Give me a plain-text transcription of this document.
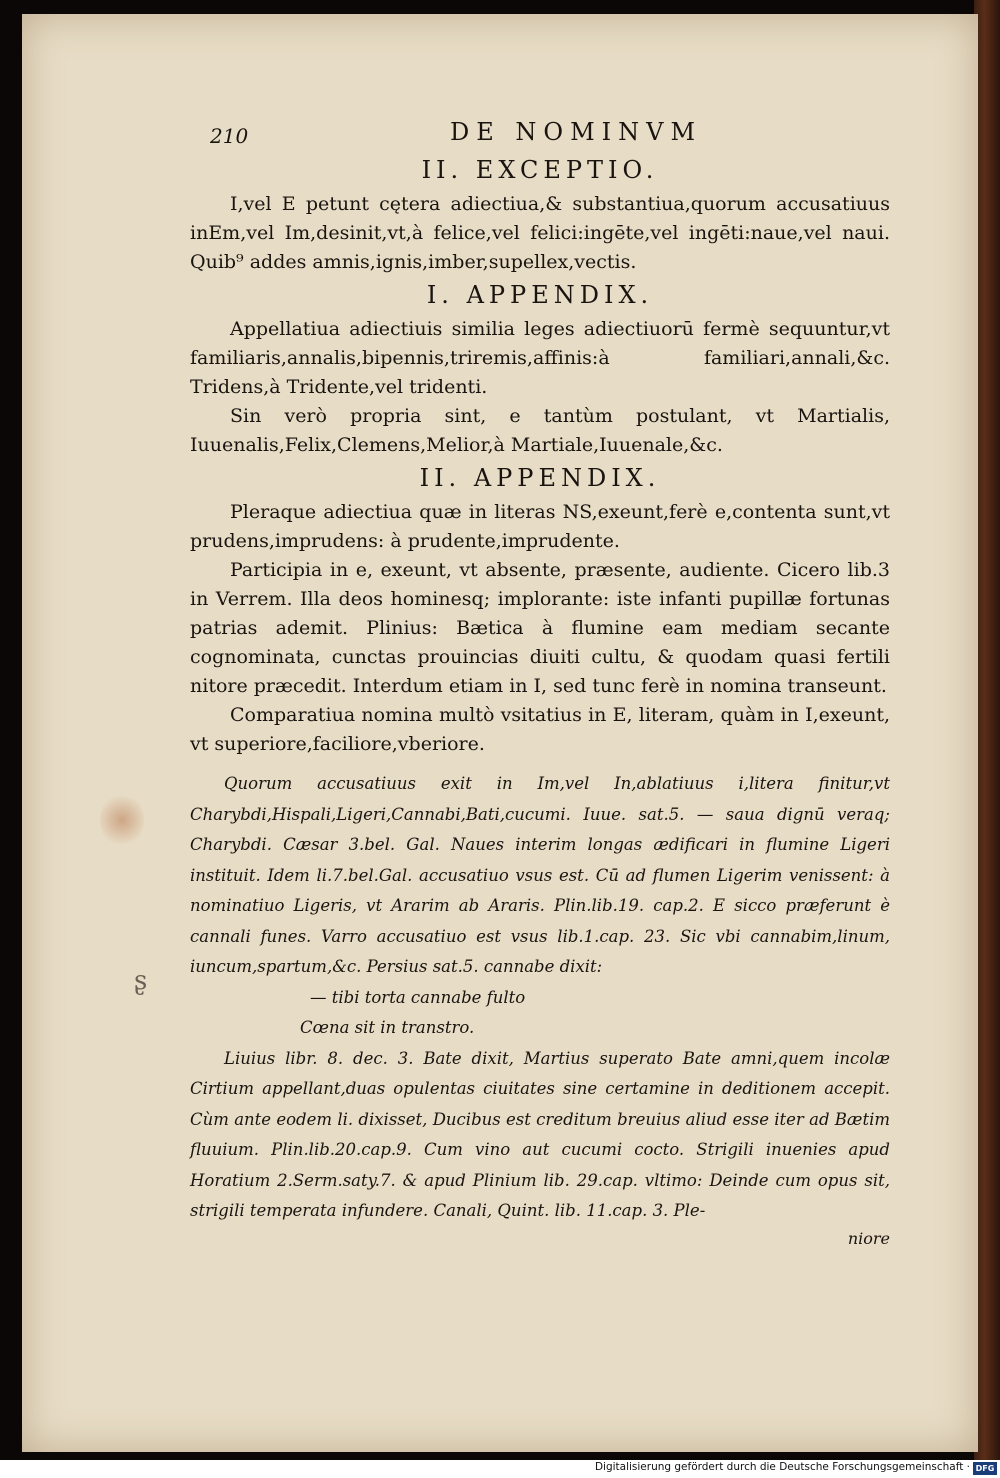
ʂ
210	DE NOMINVM
II. EXCEPTIO.

I,vel E petunt cętera adiectiua,& substantiua,quorum accusatiuus inEm,vel Im,desinit,vt,à felice,vel felici:ingēte,vel ingēti:naue,vel naui. Quib⁹ addes amnis,ignis,imber,supellex,vectis.

I. APPENDIX.

Appellatiua adiectiuis similia leges adiectiuorū fermè sequuntur,vt familiaris,annalis,bipennis,triremis,affinis:à familiari,annali,&c. Tridens,à Tridente,vel tridenti.

Sin verò propria sint, e tantùm postulant, vt Martialis, Iuuenalis,Felix,Clemens,Melior,à Martiale,Iuuenale,&c.

II. APPENDIX.

Pleraque adiectiua quæ in literas NS,exeunt,ferè e,contenta sunt,vt prudens,imprudens: à prudente,imprudente.

Participia in e, exeunt, vt absente, præsente, audiente. Cicero lib.3 in Verrem. Illa deos hominesq; implorante: iste infanti pupillæ fortunas patrias ademit. Plinius: Bætica à flumine eam mediam secante cognominata, cunctas prouincias diuiti cultu, & quodam quasi fertili nitore præcedit. Interdum etiam in I, sed tunc ferè in nomina transeunt.

Comparatiua nomina multò vsitatius in E, literam, quàm in I,exeunt, vt superiore,faciliore,vberiore.

Quorum accusatiuus exit in Im,vel In,ablatiuus i,litera finitur,vt Charybdi,Hispali,Ligeri,Cannabi,Bati,cucumi. Iuue. sat.5. — saua dignū veraq; Charybdi. Cæsar 3.bel. Gal. Naues interim longas ædificari in flumine Ligeri instituit. Idem li.7.bel.Gal. accusatiuo vsus est. Cū ad flumen Ligerim venissent: à nominatiuo Ligeris, vt Ararim ab Araris. Plin.lib.19. cap.2. E sicco præferunt è cannali funes. Varro accusatiuo est vsus lib.1.cap. 23. Sic vbi cannabim,linum, iuncum,spartum,&c. Persius sat.5. cannabe dixit:

— tibi torta cannabe fulto

Cœna sit in transtro.

Liuius libr. 8. dec. 3. Bate dixit, Martius superato Bate amni,quem incolæ Cirtium appellant,duas opulentas ciuitates sine certamine in deditionem accepit. Cùm ante eodem li. dixisset, Ducibus est creditum breuius aliud esse iter ad Bætim fluuium. Plin.lib.20.cap.9. Cum vino aut cucumi cocto. Strigili inuenies apud Horatium 2.Serm.saty.7. & apud Plinium lib. 29.cap. vltimo: Deinde cum opus sit, strigili temperata infundere. Canali, Quint. lib. 11.cap. 3. Ple-

niore

Digitalisierung gefördert durch die Deutsche Forschungsgemeinschaft · DFG
